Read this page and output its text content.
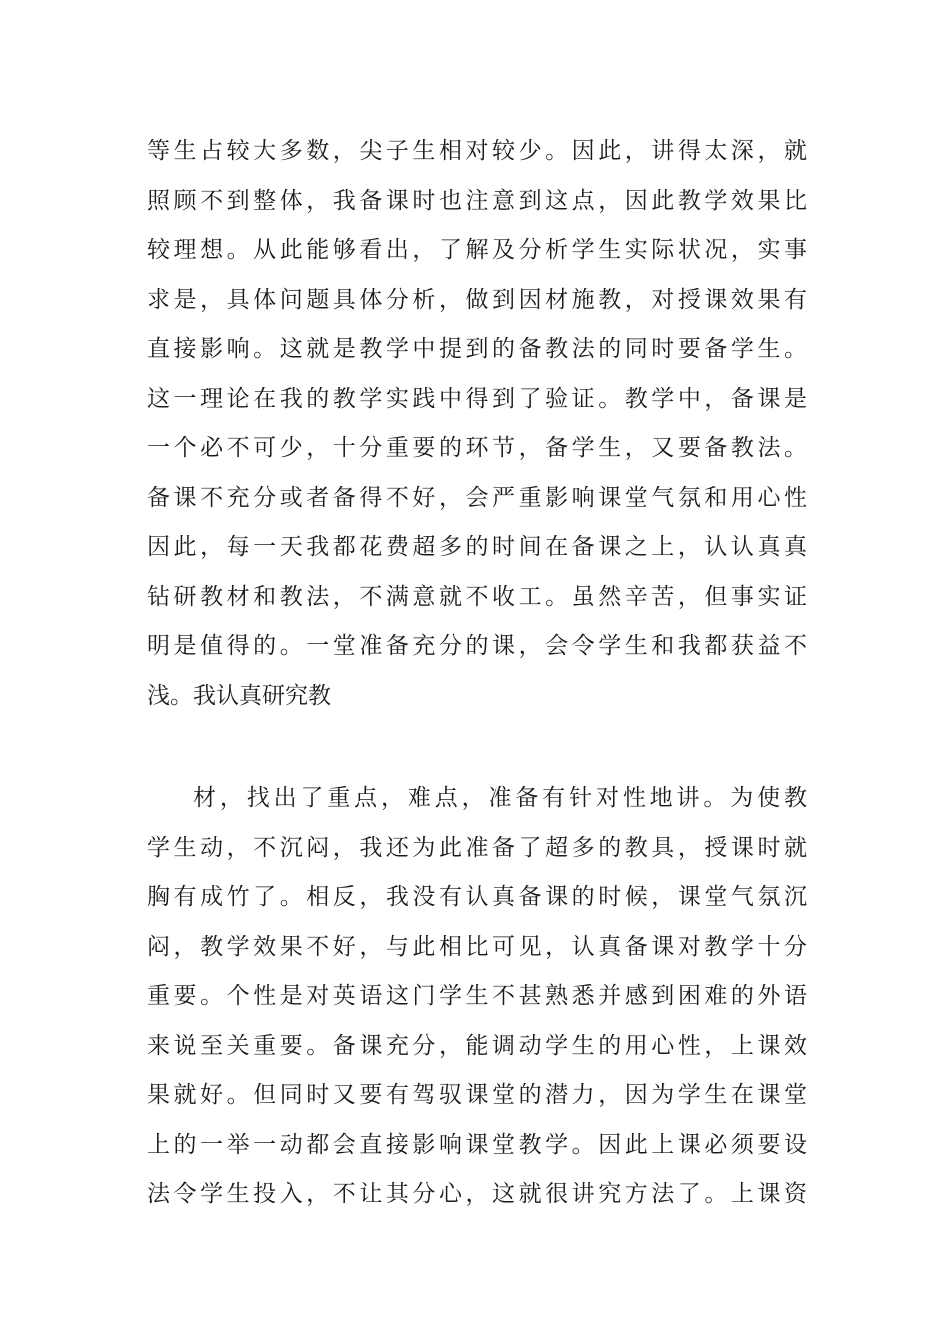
等生占较大多数，尖子生相对较少。因此，讲得太深，就
照顾不到整体，我备课时也注意到这点，因此教学效果比
较理想。从此能够看出，了解及分析学生实际状况，实事
求是，具体问题具体分析，做到因材施教，对授课效果有
直接影响。这就是教学中提到的备教法的同时要备学生。
这一理论在我的教学实践中得到了验证。教学中，备课是
一个必不可少，十分重要的环节，备学生，又要备教法。
备课不充分或者备得不好，会严重影响课堂气氛和用心性
因此，每一天我都花费超多的时间在备课之上，认认真真
钻研教材和教法，不满意就不收工。虽然辛苦，但事实证
明是值得的。一堂准备充分的课，会令学生和我都获益不
浅。我认真研究教
材，找出了重点，难点，准备有针对性地讲。为使教
学生动，不沉闷，我还为此准备了超多的教具，授课时就
胸有成竹了。相反，我没有认真备课的时候，课堂气氛沉
闷，教学效果不好，与此相比可见，认真备课对教学十分
重要。个性是对英语这门学生不甚熟悉并感到困难的外语
来说至关重要。备课充分，能调动学生的用心性，上课效
果就好。但同时又要有驾驭课堂的潜力，因为学生在课堂
上的一举一动都会直接影响课堂教学。因此上课必须要设
法令学生投入，不让其分心，这就很讲究方法了。上课资
